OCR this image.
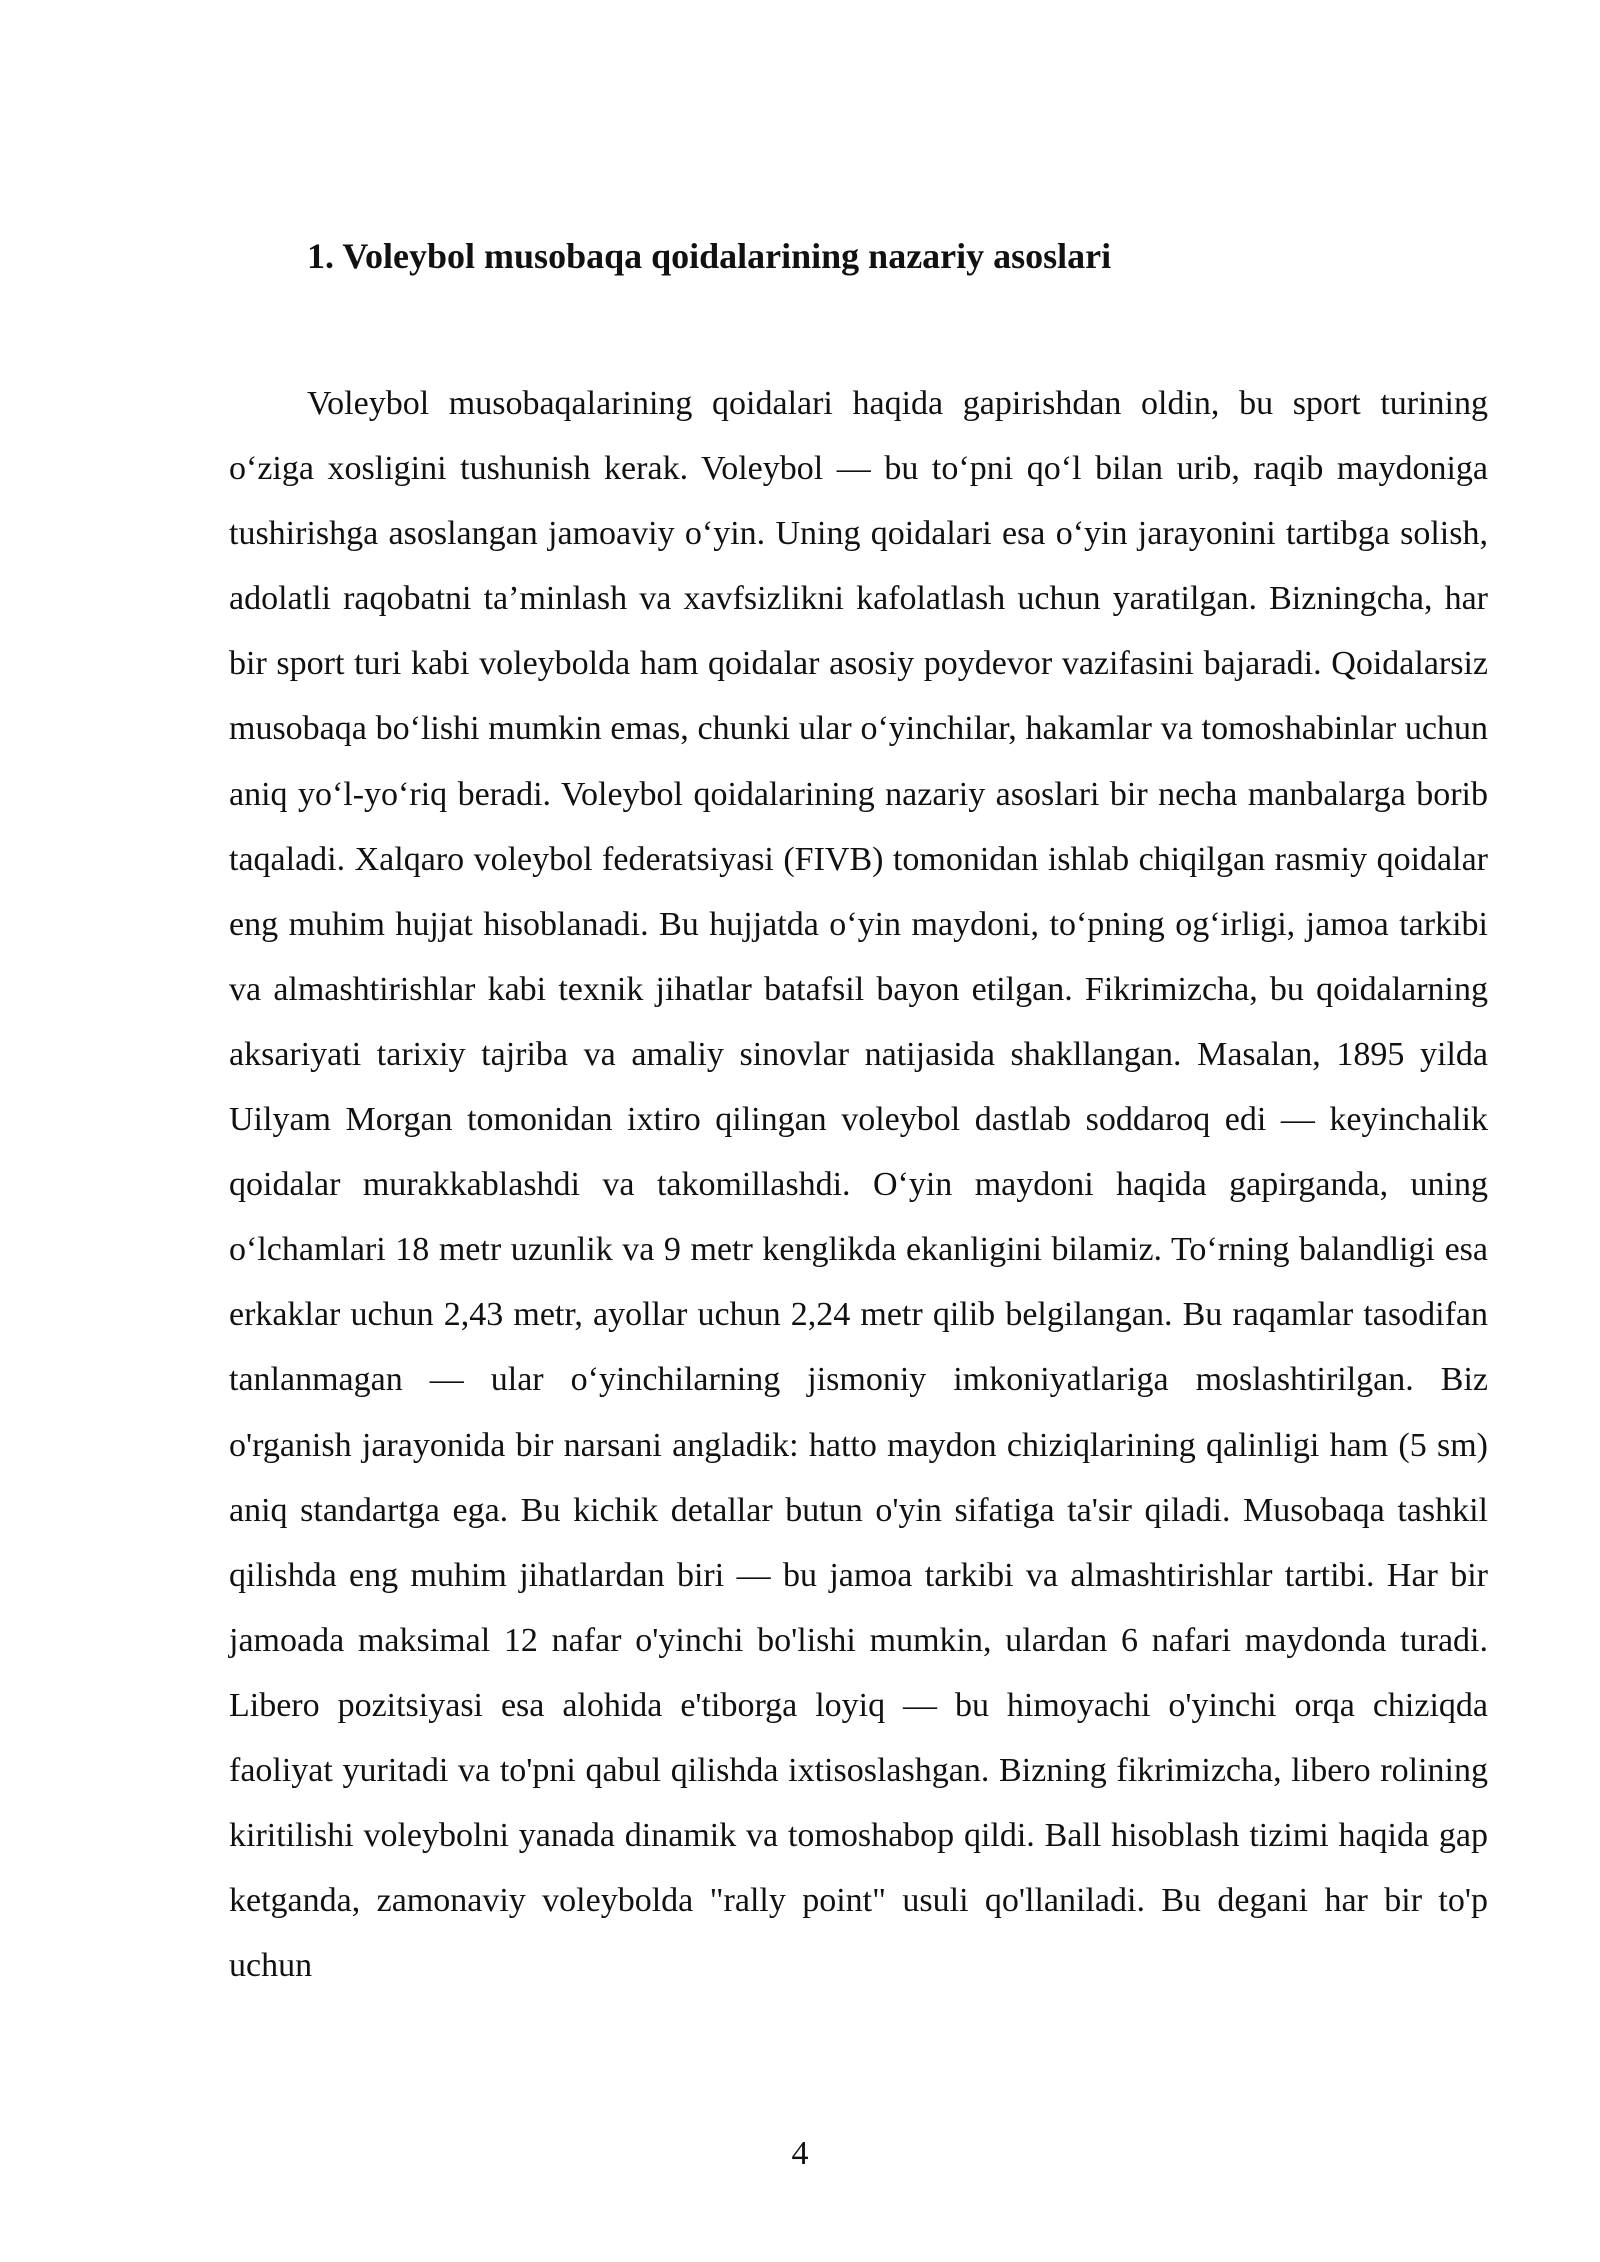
1. Voleybol musobaqa qoidalarining nazariy asoslari

Voleybol musobaqalarining qoidalari haqida gapirishdan oldin, bu sport turining o‘ziga xosligini tushunish kerak. Voleybol — bu to‘pni qo‘l bilan urib, raqib maydoniga tushirishga asoslangan jamoaviy o‘yin. Uning qoidalari esa o‘yin jarayonini tartibga solish, adolatli raqobatni ta’minlash va xavfsizlikni kafolatlash uchun yaratilgan. Bizningcha, har bir sport turi kabi voleybolda ham qoidalar asosiy poydevor vazifasini bajaradi. Qoidalarsiz musobaqa bo‘lishi mumkin emas, chunki ular o‘yinchilar, hakamlar va tomoshabinlar uchun aniq yo‘l-yo‘riq beradi. Voleybol qoidalarining nazariy asoslari bir necha manbalarga borib taqaladi. Xalqaro voleybol federatsiyasi (FIVB) tomonidan ishlab chiqilgan rasmiy qoidalar eng muhim hujjat hisoblanadi. Bu hujjatda o‘yin maydoni, to‘pning og‘irligi, jamoa tarkibi va almashtirishlar kabi texnik jihatlar batafsil bayon etilgan. Fikrimizcha, bu qoidalarning aksariyati tarixiy tajriba va amaliy sinovlar natijasida shakllangan. Masalan, 1895 yilda Uilyam Morgan tomonidan ixtiro qilingan voleybol dastlab soddaroq edi — keyinchalik qoidalar murakkablashdi va takomillashdi. O‘yin maydoni haqida gapirganda, uning o‘lchamlari 18 metr uzunlik va 9 metr kenglikda ekanligini bilamiz. To‘rning balandligi esa erkaklar uchun 2,43 metr, ayollar uchun 2,24 metr qilib belgilangan. Bu raqamlar tasodifan tanlanmagan — ular o‘yinchilarning jismoniy imkoniyatlariga moslashtirilgan. Biz o'rganish jarayonida bir narsani angladik: hatto maydon chiziqlarining qalinligi ham (5 sm) aniq standartga ega. Bu kichik detallar butun o'yin sifatiga ta'sir qiladi. Musobaqa tashkil qilishda eng muhim jihatlardan biri — bu jamoa tarkibi va almashtirishlar tartibi. Har bir jamoada maksimal 12 nafar o'yinchi bo'lishi mumkin, ulardan 6 nafari maydonda turadi. Libero pozitsiyasi esa alohida e'tiborga loyiq — bu himoyachi o'yinchi orqa chiziqda faoliyat yuritadi va to'pni qabul qilishda ixtisoslashgan. Bizning fikrimizcha, libero rolining kiritilishi voleybolni yanada dinamik va tomoshabop qildi. Ball hisoblash tizimi haqida gap ketganda, zamonaviy voleybolda "rally point" usuli qo'llaniladi. Bu degani har bir to'p uchun

4
